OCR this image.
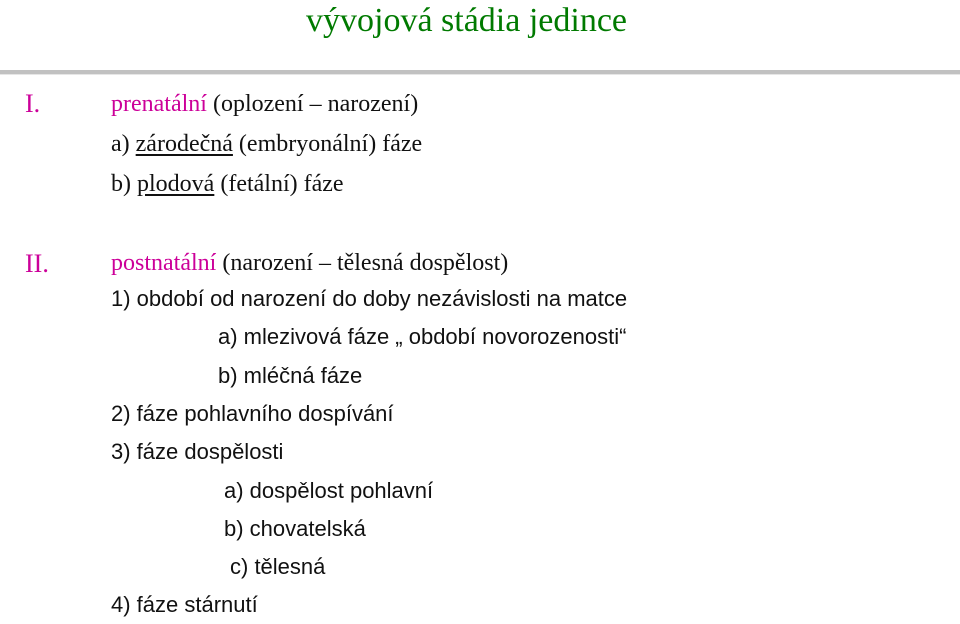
vývojová stádia jedince
I.	prenatální (oplození – narození)
a) zárodečná (embryonální) fáze
b) plodová (fetální) fáze
II.	postnatální (narození – tělesná dospělost)
1) období od narození do doby nezávislosti na matce
a) mlezivová fáze „ období novorozenosti“
b) mléčná fáze
2) fáze pohlavního dospívání
3) fáze dospělosti
a) dospělost pohlavní
b) chovatelská
c) tělesná
4) fáze stárnutí
